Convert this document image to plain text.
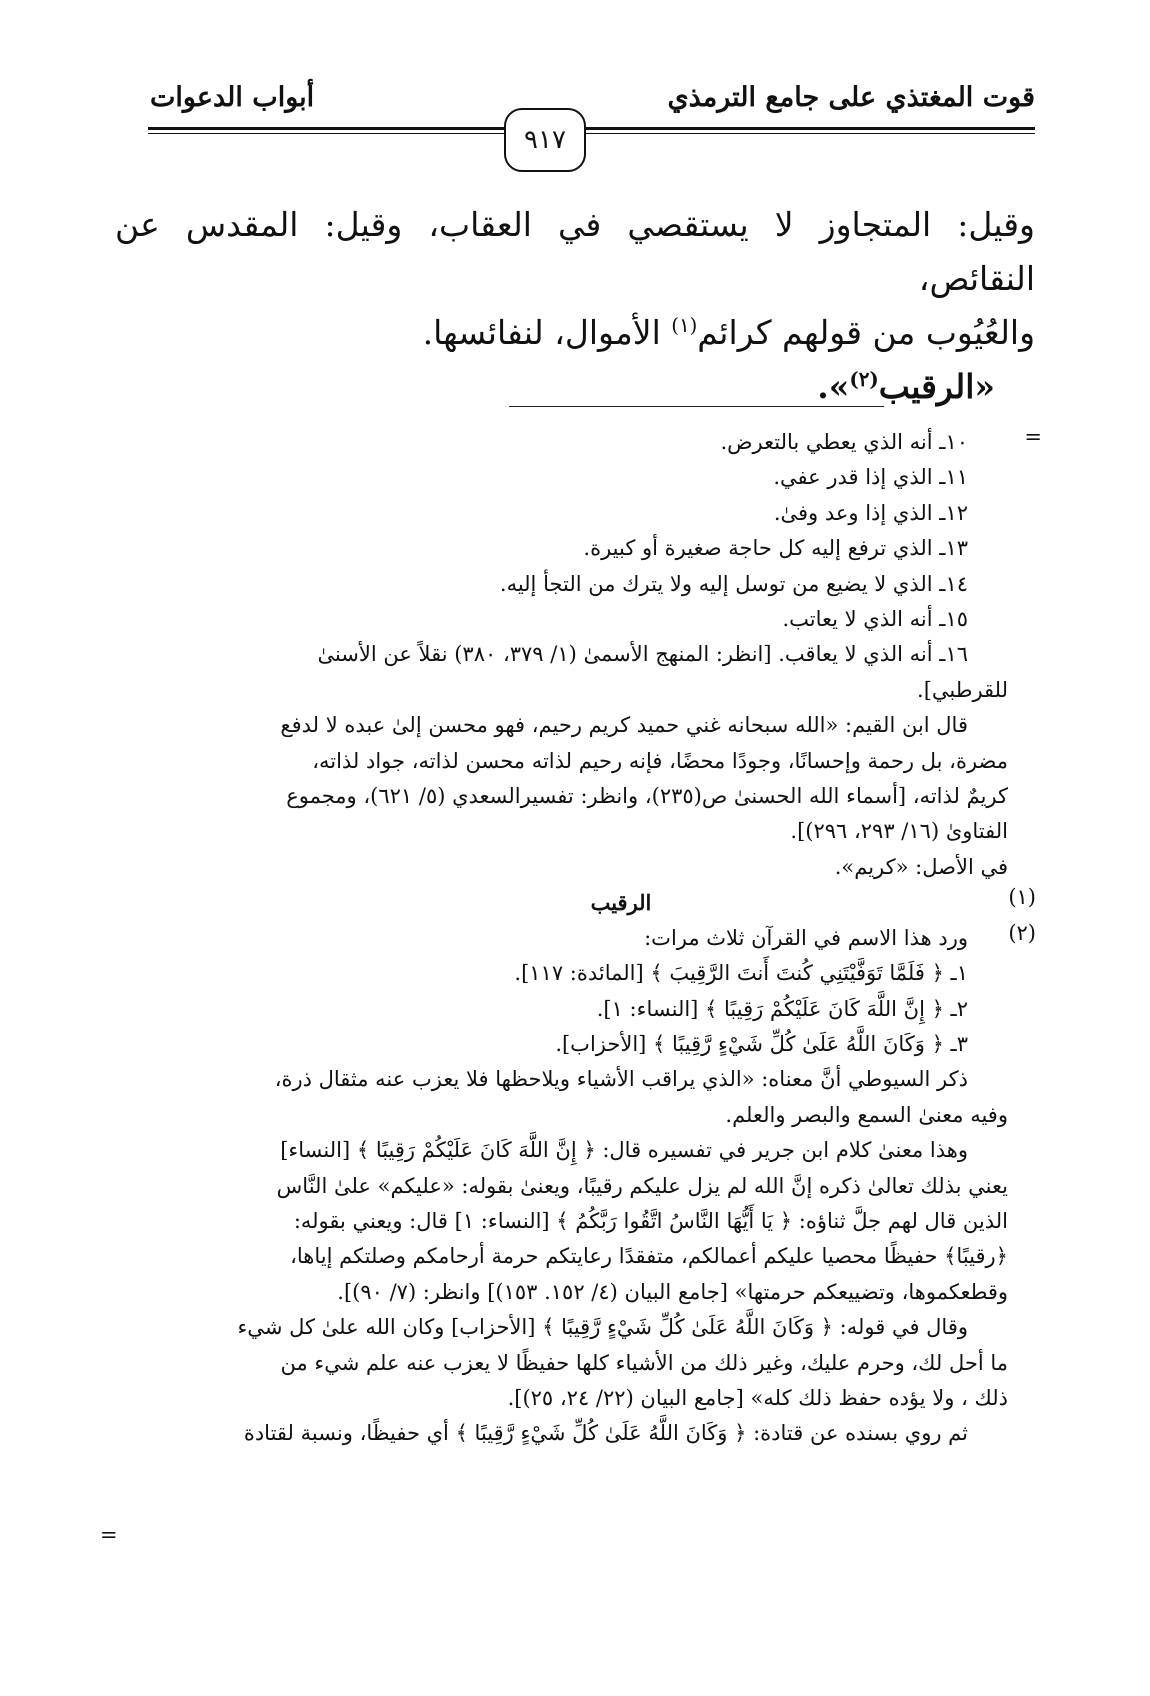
قوت المغتذي على جامع الترمذي
أبواب الدعوات
٩١٧

وقيل: المتجاوز لا يستقصي في العقاب، وقيل: المقدس عن النقائص،

والعُيُوب من قولهم كرائم$^{(١)}$ الأموال، لنفائسها.

«الرقيب$^{(٢)}$».

=

١٠ـ أنه الذي يعطي بالتعرض.

١١ـ الذي إذا قدر عفي.

١٢ـ الذي إذا وعد وفىٰ.

١٣ـ الذي ترفع إليه كل حاجة صغيرة أو كبيرة.

١٤ـ الذي لا يضيع من توسل إليه ولا يترك من التجأ إليه.

١٥ـ أنه الذي لا يعاتب.

١٦ـ أنه الذي لا يعاقب. [انظر: المنهج الأسمىٰ (١/ ٣٧٩، ٣٨٠) نقلاً عن الأسنىٰ

للقرطبي].

قال ابن القيم: «الله سبحانه غني حميد كريم رحيم، فهو محسن إلىٰ عبده لا لدفع

مضرة، بل رحمة وإحسانًا، وجودًا محضًا، فإنه رحيم لذاته محسن لذاته، جواد لذاته،

كريمٌ لذاته، [أسماء الله الحسنىٰ ص(٢٣٥)، وانظر: تفسيرالسعدي (٥/ ٦٢١)، ومجموع

الفتاوىٰ (١٦/ ٢٩٣، ٢٩٦)].

في الأصل: «كريم».

الرقيب

ورد هذا الاسم في القرآن ثلاث مرات:

١ـ ﴿ فَلَمَّا تَوَفَّيْتَنِي كُنتَ أَنتَ الرَّقِيبَ ﴾ [المائدة: ١١٧].

٢ـ ﴿ إِنَّ اللَّهَ كَانَ عَلَيْكُمْ رَقِيبًا ﴾ [النساء: ١].

٣ـ ﴿ وَكَانَ اللَّهُ عَلَىٰ كُلِّ شَيْءٍ رَّقِيبًا ﴾ [الأحزاب].

ذكر السيوطي أنَّ معناه: «الذي يراقب الأشياء ويلاحظها فلا يعزب عنه مثقال ذرة،

وفيه معنىٰ السمع والبصر والعلم.

وهذا معنىٰ كلام ابن جرير في تفسيره قال: ﴿ إِنَّ اللَّهَ كَانَ عَلَيْكُمْ رَقِيبًا ﴾ [النساء]

يعني بذلك تعالىٰ ذكره إنَّ الله لم يزل عليكم رقيبًا، ويعنىٰ بقوله: «عليكم» علىٰ النَّاس

الذين قال لهم جلَّ ثناؤه: ﴿ يَا أَيُّهَا النَّاسُ اتَّقُوا رَبَّكُمُ ﴾ [النساء: ١] قال: ويعني بقوله:

﴿رقيبًا﴾ حفيظًا محصيا عليكم أعمالكم، متفقدًا رعايتكم حرمة أرحامكم وصلتكم إياها،

وقطعكموها، وتضييعكم حرمتها» [جامع البيان (٤/ ١٥٢. ١٥٣)] وانظر: (٧/ ٩٠)].

وقال في قوله: ﴿ وَكَانَ اللَّهُ عَلَىٰ كُلِّ شَيْءٍ رَّقِيبًا ﴾ [الأحزاب] وكان الله علىٰ كل شيء

ما أحل لك، وحرم عليك، وغير ذلك من الأشياء كلها حفيظًا لا يعزب عنه علم شيء من

ذلك ، ولا يؤده حفظ ذلك كله» [جامع البيان (٢٢/ ٢٤، ٢٥)].

ثم روي بسنده عن قتادة: ﴿ وَكَانَ اللَّهُ عَلَىٰ كُلِّ شَيْءٍ رَّقِيبًا ﴾ أي حفيظًا، ونسبة لقتادة

(١)
(٢)
=
